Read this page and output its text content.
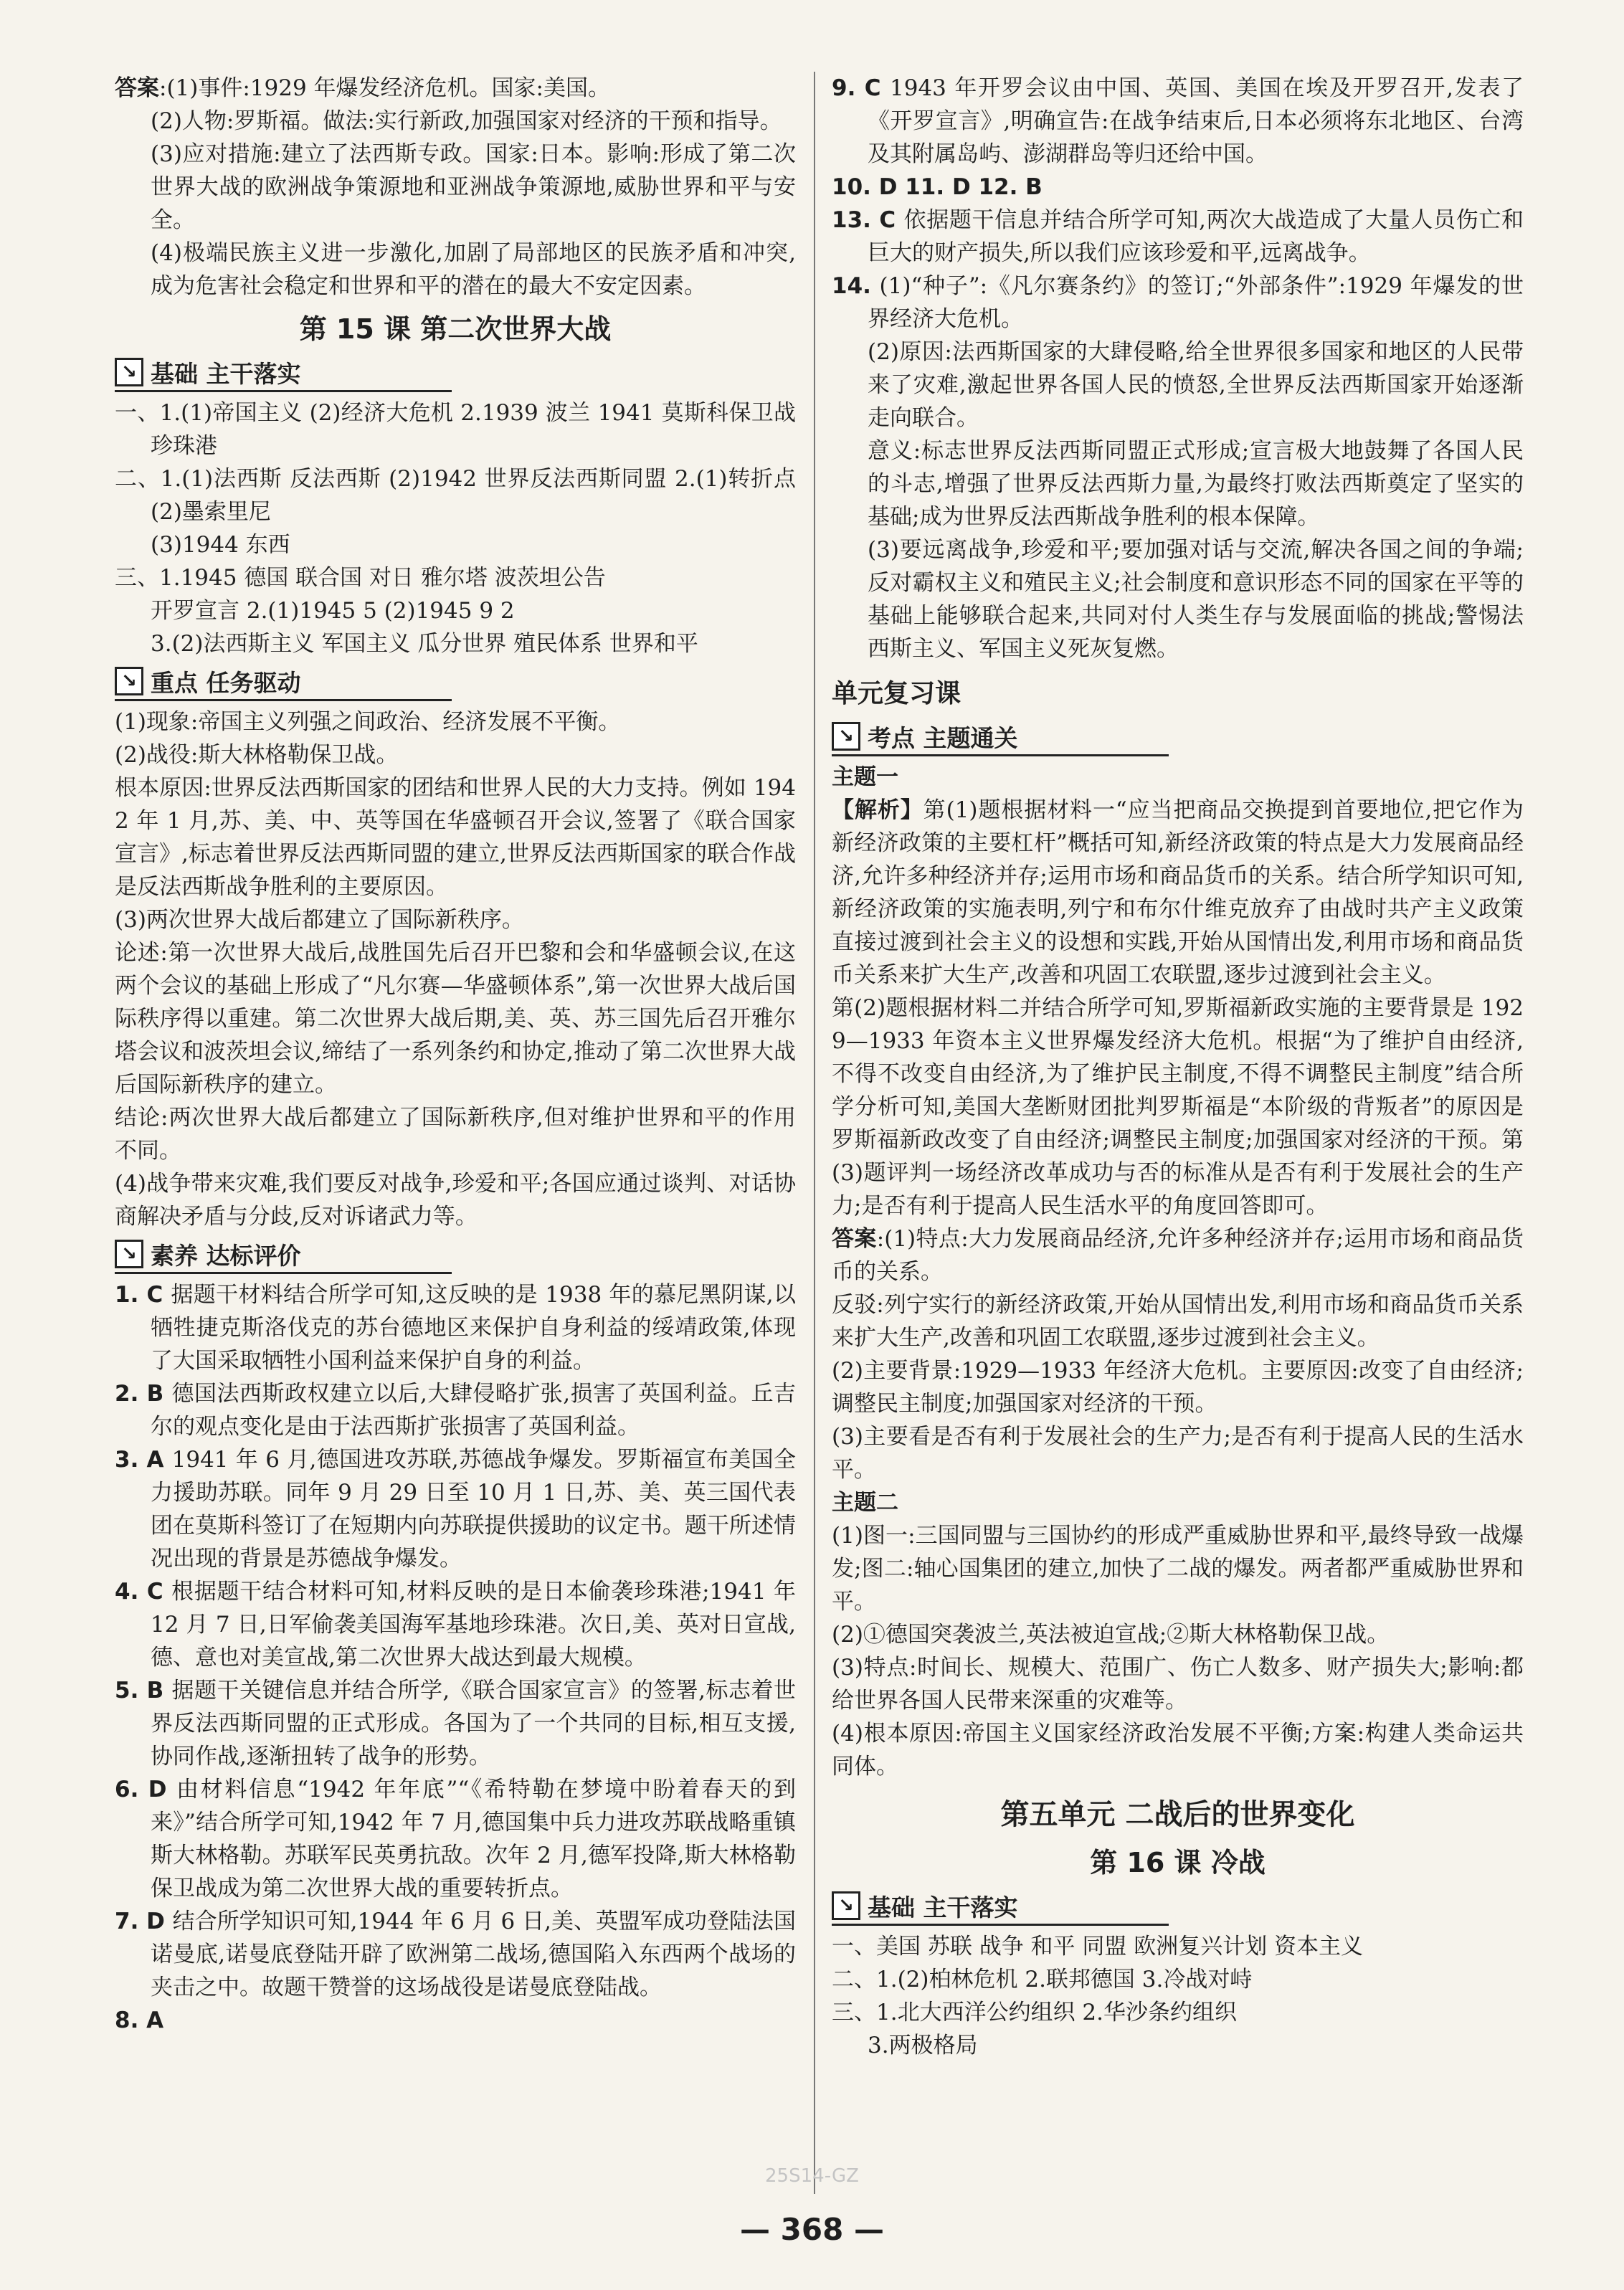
答案:(1)事件:1929 年爆发经济危机。国家:美国。

(2)人物:罗斯福。做法:实行新政,加强国家对经济的干预和指导。

(3)应对措施:建立了法西斯专政。国家:日本。影响:形成了第二次世界大战的欧洲战争策源地和亚洲战争策源地,威胁世界和平与安全。

(4)极端民族主义进一步激化,加剧了局部地区的民族矛盾和冲突,成为危害社会稳定和世界和平的潜在的最大不安定因素。

第 15 课 第二次世界大战
↘ 基础 主干落实

一、1.(1)帝国主义 (2)经济大危机 2.1939 波兰 1941 莫斯科保卫战 珍珠港

二、1.(1)法西斯 反法西斯 (2)1942 世界反法西斯同盟 2.(1)转折点 (2)墨索里尼

(3)1944 东西

三、1.1945 德国 联合国 对日 雅尔塔 波茨坦公告

开罗宣言 2.(1)1945 5 (2)1945 9 2

3.(2)法西斯主义 军国主义 瓜分世界 殖民体系 世界和平

↘ 重点 任务驱动

(1)现象:帝国主义列强之间政治、经济发展不平衡。

(2)战役:斯大林格勒保卫战。

根本原因:世界反法西斯国家的团结和世界人民的大力支持。例如 1942 年 1 月,苏、美、中、英等国在华盛顿召开会议,签署了《联合国家宣言》,标志着世界反法西斯同盟的建立,世界反法西斯国家的联合作战是反法西斯战争胜利的主要原因。

(3)两次世界大战后都建立了国际新秩序。

论述:第一次世界大战后,战胜国先后召开巴黎和会和华盛顿会议,在这两个会议的基础上形成了“凡尔赛—华盛顿体系”,第一次世界大战后国际秩序得以重建。第二次世界大战后期,美、英、苏三国先后召开雅尔塔会议和波茨坦会议,缔结了一系列条约和协定,推动了第二次世界大战后国际新秩序的建立。

结论:两次世界大战后都建立了国际新秩序,但对维护世界和平的作用不同。

(4)战争带来灾难,我们要反对战争,珍爱和平;各国应通过谈判、对话协商解决矛盾与分歧,反对诉诸武力等。

↘ 素养 达标评价

1. C 据题干材料结合所学可知,这反映的是 1938 年的慕尼黑阴谋,以牺牲捷克斯洛伐克的苏台德地区来保护自身利益的绥靖政策,体现了大国采取牺牲小国利益来保护自身的利益。

2. B 德国法西斯政权建立以后,大肆侵略扩张,损害了英国利益。丘吉尔的观点变化是由于法西斯扩张损害了英国利益。

3. A 1941 年 6 月,德国进攻苏联,苏德战争爆发。罗斯福宣布美国全力援助苏联。同年 9 月 29 日至 10 月 1 日,苏、美、英三国代表团在莫斯科签订了在短期内向苏联提供援助的议定书。题干所述情况出现的背景是苏德战争爆发。

4. C 根据题干结合材料可知,材料反映的是日本偷袭珍珠港;1941 年 12 月 7 日,日军偷袭美国海军基地珍珠港。次日,美、英对日宣战,德、意也对美宣战,第二次世界大战达到最大规模。

5. B 据题干关键信息并结合所学,《联合国家宣言》的签署,标志着世界反法西斯同盟的正式形成。各国为了一个共同的目标,相互支援,协同作战,逐渐扭转了战争的形势。

6. D 由材料信息“1942 年年底”“《希特勒在梦境中盼着春天的到来》”结合所学可知,1942 年 7 月,德国集中兵力进攻苏联战略重镇斯大林格勒。苏联军民英勇抗敌。次年 2 月,德军投降,斯大林格勒保卫战成为第二次世界大战的重要转折点。

7. D 结合所学知识可知,1944 年 6 月 6 日,美、英盟军成功登陆法国诺曼底,诺曼底登陆开辟了欧洲第二战场,德国陷入东西两个战场的夹击之中。故题干赞誉的这场战役是诺曼底登陆战。

8. A

9. C 1943 年开罗会议由中国、英国、美国在埃及开罗召开,发表了《开罗宣言》,明确宣告:在战争结束后,日本必须将东北地区、台湾及其附属岛屿、澎湖群岛等归还给中国。

10. D 11. D 12. B

13. C 依据题干信息并结合所学可知,两次大战造成了大量人员伤亡和巨大的财产损失,所以我们应该珍爱和平,远离战争。

14. (1)“种子”:《凡尔赛条约》的签订;“外部条件”:1929 年爆发的世界经济大危机。

(2)原因:法西斯国家的大肆侵略,给全世界很多国家和地区的人民带来了灾难,激起世界各国人民的愤怒,全世界反法西斯国家开始逐渐走向联合。

意义:标志世界反法西斯同盟正式形成;宣言极大地鼓舞了各国人民的斗志,增强了世界反法西斯力量,为最终打败法西斯奠定了坚实的基础;成为世界反法西斯战争胜利的根本保障。

(3)要远离战争,珍爱和平;要加强对话与交流,解决各国之间的争端;反对霸权主义和殖民主义;社会制度和意识形态不同的国家在平等的基础上能够联合起来,共同对付人类生存与发展面临的挑战;警惕法西斯主义、军国主义死灰复燃。

单元复习课
↘ 考点 主题通关
主题一

【解析】第(1)题根据材料一“应当把商品交换提到首要地位,把它作为新经济政策的主要杠杆”概括可知,新经济政策的特点是大力发展商品经济,允许多种经济并存;运用市场和商品货币的关系。结合所学知识可知,新经济政策的实施表明,列宁和布尔什维克放弃了由战时共产主义政策直接过渡到社会主义的设想和实践,开始从国情出发,利用市场和商品货币关系来扩大生产,改善和巩固工农联盟,逐步过渡到社会主义。

第(2)题根据材料二并结合所学可知,罗斯福新政实施的主要背景是 1929—1933 年资本主义世界爆发经济大危机。根据“为了维护自由经济,不得不改变自由经济,为了维护民主制度,不得不调整民主制度”结合所学分析可知,美国大垄断财团批判罗斯福是“本阶级的背叛者”的原因是罗斯福新政改变了自由经济;调整民主制度;加强国家对经济的干预。第(3)题评判一场经济改革成功与否的标准从是否有利于发展社会的生产力;是否有利于提高人民生活水平的角度回答即可。

答案:(1)特点:大力发展商品经济,允许多种经济并存;运用市场和商品货币的关系。

反驳:列宁实行的新经济政策,开始从国情出发,利用市场和商品货币关系来扩大生产,改善和巩固工农联盟,逐步过渡到社会主义。

(2)主要背景:1929—1933 年经济大危机。主要原因:改变了自由经济;调整民主制度;加强国家对经济的干预。

(3)主要看是否有利于发展社会的生产力;是否有利于提高人民的生活水平。

主题二

(1)图一:三国同盟与三国协约的形成严重威胁世界和平,最终导致一战爆发;图二:轴心国集团的建立,加快了二战的爆发。两者都严重威胁世界和平。

(2)①德国突袭波兰,英法被迫宣战;②斯大林格勒保卫战。

(3)特点:时间长、规模大、范围广、伤亡人数多、财产损失大;影响:都给世界各国人民带来深重的灾难等。

(4)根本原因:帝国主义国家经济政治发展不平衡;方案:构建人类命运共同体。

第五单元 二战后的世界变化
第 16 课 冷战
↘ 基础 主干落实

一、美国 苏联 战争 和平 同盟 欧洲复兴计划 资本主义

二、1.(2)柏林危机 2.联邦德国 3.冷战对峙

三、1.北大西洋公约组织 2.华沙条约组织

3.两极格局

25S14-GZ
— 368 —
